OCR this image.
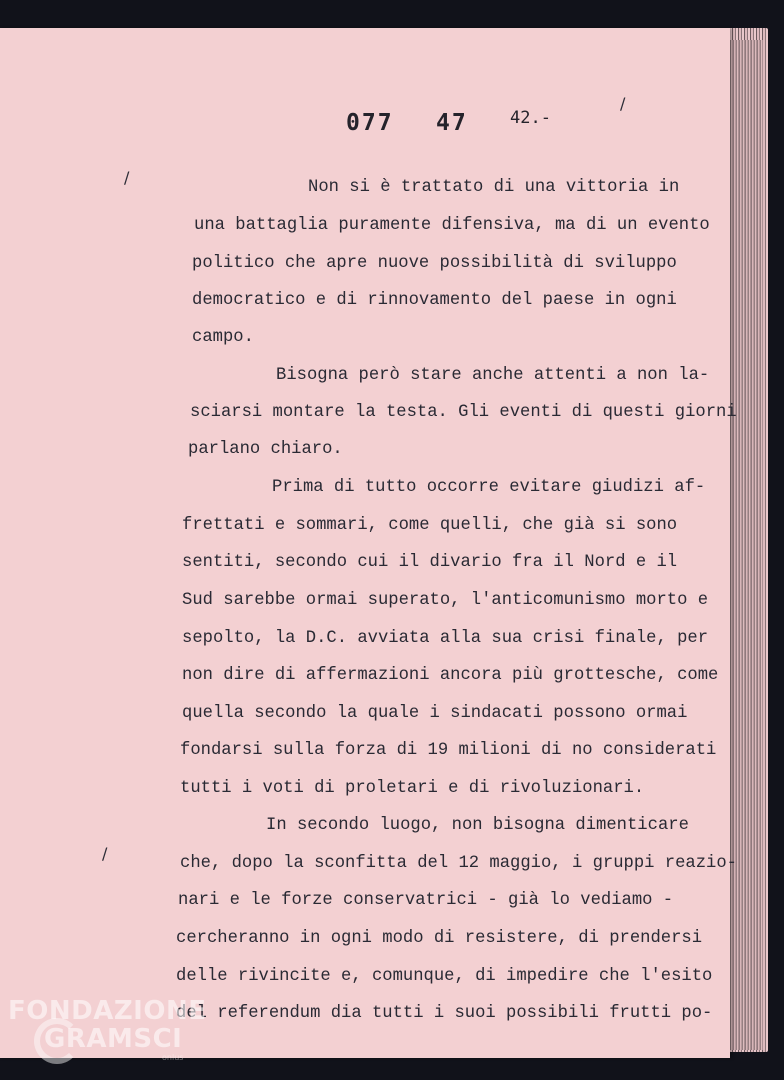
077 47 42.-
/
/
/
Non si è trattato di una vittoria in
una battaglia puramente difensiva, ma di un evento
politico che apre nuove possibilità di sviluppo
democratico e di rinnovamento del paese in ogni
campo.
Bisogna però stare anche attenti a non la-
sciarsi montare la testa. Gli eventi di questi giorni
parlano chiaro.
Prima di tutto occorre evitare giudizi af-
frettati e sommari, come quelli, che già si sono
sentiti, secondo cui il divario fra il Nord e il
Sud sarebbe ormai superato, l'anticomunismo morto e
sepolto, la D.C. avviata alla sua crisi finale, per
non dire di affermazioni ancora più grottesche, come
quella secondo la quale i sindacati possono ormai
fondarsi sulla forza di 19 milioni di no considerati
tutti i voti di proletari e di rivoluzionari.
In secondo luogo, non bisogna dimenticare
che, dopo la sconfitta del 12 maggio, i gruppi reazio-
nari e le forze conservatrici - già lo vediamo -
cercheranno in ogni modo di resistere, di prendersi
delle rivincite e, comunque, di impedire che l'esito
del referendum dia tutti i suoi possibili frutti po-
FONDAZIONE
GRAMSCI
onlus
